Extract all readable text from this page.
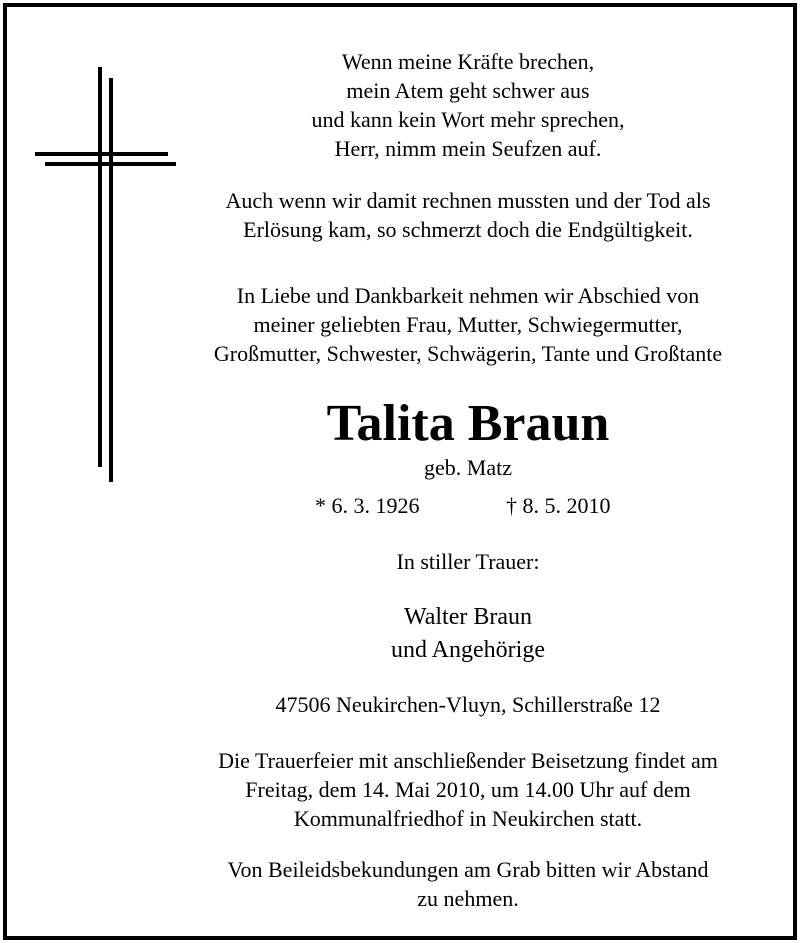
Wenn meine Kräfte brechen,
mein Atem geht schwer aus
und kann kein Wort mehr sprechen,
Herr, nimm mein Seufzen auf.
Auch wenn wir damit rechnen mussten und der Tod als
Erlösung kam, so schmerzt doch die Endgültigkeit.
In Liebe und Dankbarkeit nehmen wir Abschied von
meiner geliebten Frau, Mutter, Schwiegermutter,
Großmutter, Schwester, Schwägerin, Tante und Großtante
Talita Braun
geb. Matz
* 6. 3. 1926	† 8. 5. 2010
In stiller Trauer:
Walter Braun
und Angehörige
47506 Neukirchen-Vluyn, Schillerstraße 12
Die Trauerfeier mit anschließender Beisetzung findet am
Freitag, dem 14. Mai 2010, um 14.00 Uhr auf dem
Kommunalfriedhof in Neukirchen statt.
Von Beileidsbekundungen am Grab bitten wir Abstand
zu nehmen.
